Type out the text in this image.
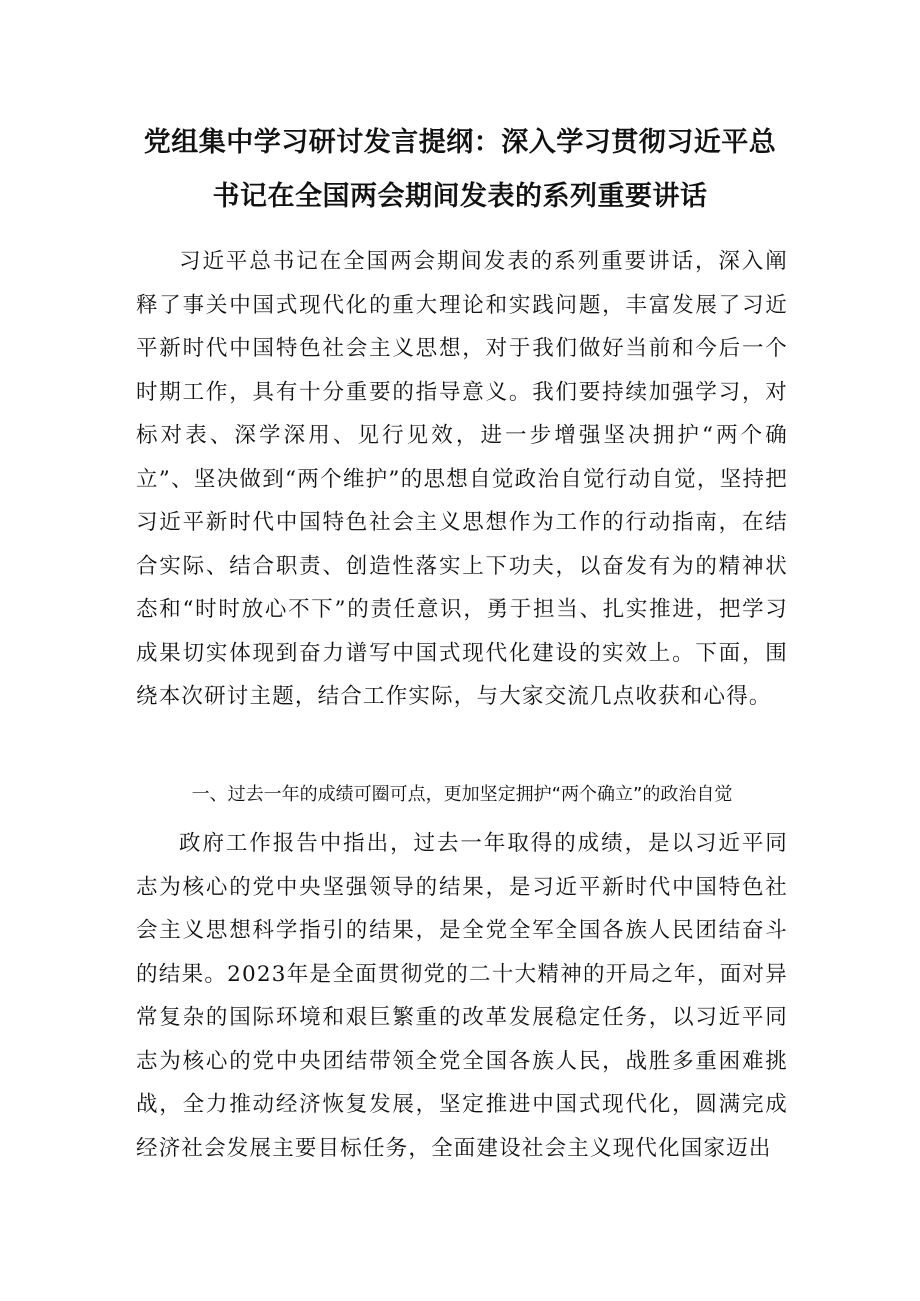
党组集中学习研讨发言提纲：深入学习贯彻习近平总
书记在全国两会期间发表的系列重要讲话

习近平总书记在全国两会期间发表的系列重要讲话，深入阐释了事关中国式现代化的重大理论和实践问题，丰富发展了习近平新时代中国特色社会主义思想，对于我们做好当前和今后一个时期工作，具有十分重要的指导意义。我们要持续加强学习，对标对表、深学深用、见行见效，进一步增强坚决拥护“两个确立”、坚决做到“两个维护”的思想自觉政治自觉行动自觉，坚持把习近平新时代中国特色社会主义思想作为工作的行动指南，在结合实际、结合职责、创造性落实上下功夫，以奋发有为的精神状态和“时时放心不下”的责任意识，勇于担当、扎实推进，把学习成果切实体现到奋力谱写中国式现代化建设的实效上。下面，围绕本次研讨主题，结合工作实际，与大家交流几点收获和心得。

一、过去一年的成绩可圈可点，更加坚定拥护“两个确立”的政治自觉

政府工作报告中指出，过去一年取得的成绩，是以习近平同志为核心的党中央坚强领导的结果，是习近平新时代中国特色社会主义思想科学指引的结果，是全党全军全国各族人民团结奋斗的结果。2023年是全面贯彻党的二十大精神的开局之年，面对异常复杂的国际环境和艰巨繁重的改革发展稳定任务，以习近平同志为核心的党中央团结带领全党全国各族人民，战胜多重困难挑战，全力推动经济恢复发展，坚定推进中国式现代化，圆满完成经济社会发展主要目标任务，全面建设社会主义现代化国家迈出
